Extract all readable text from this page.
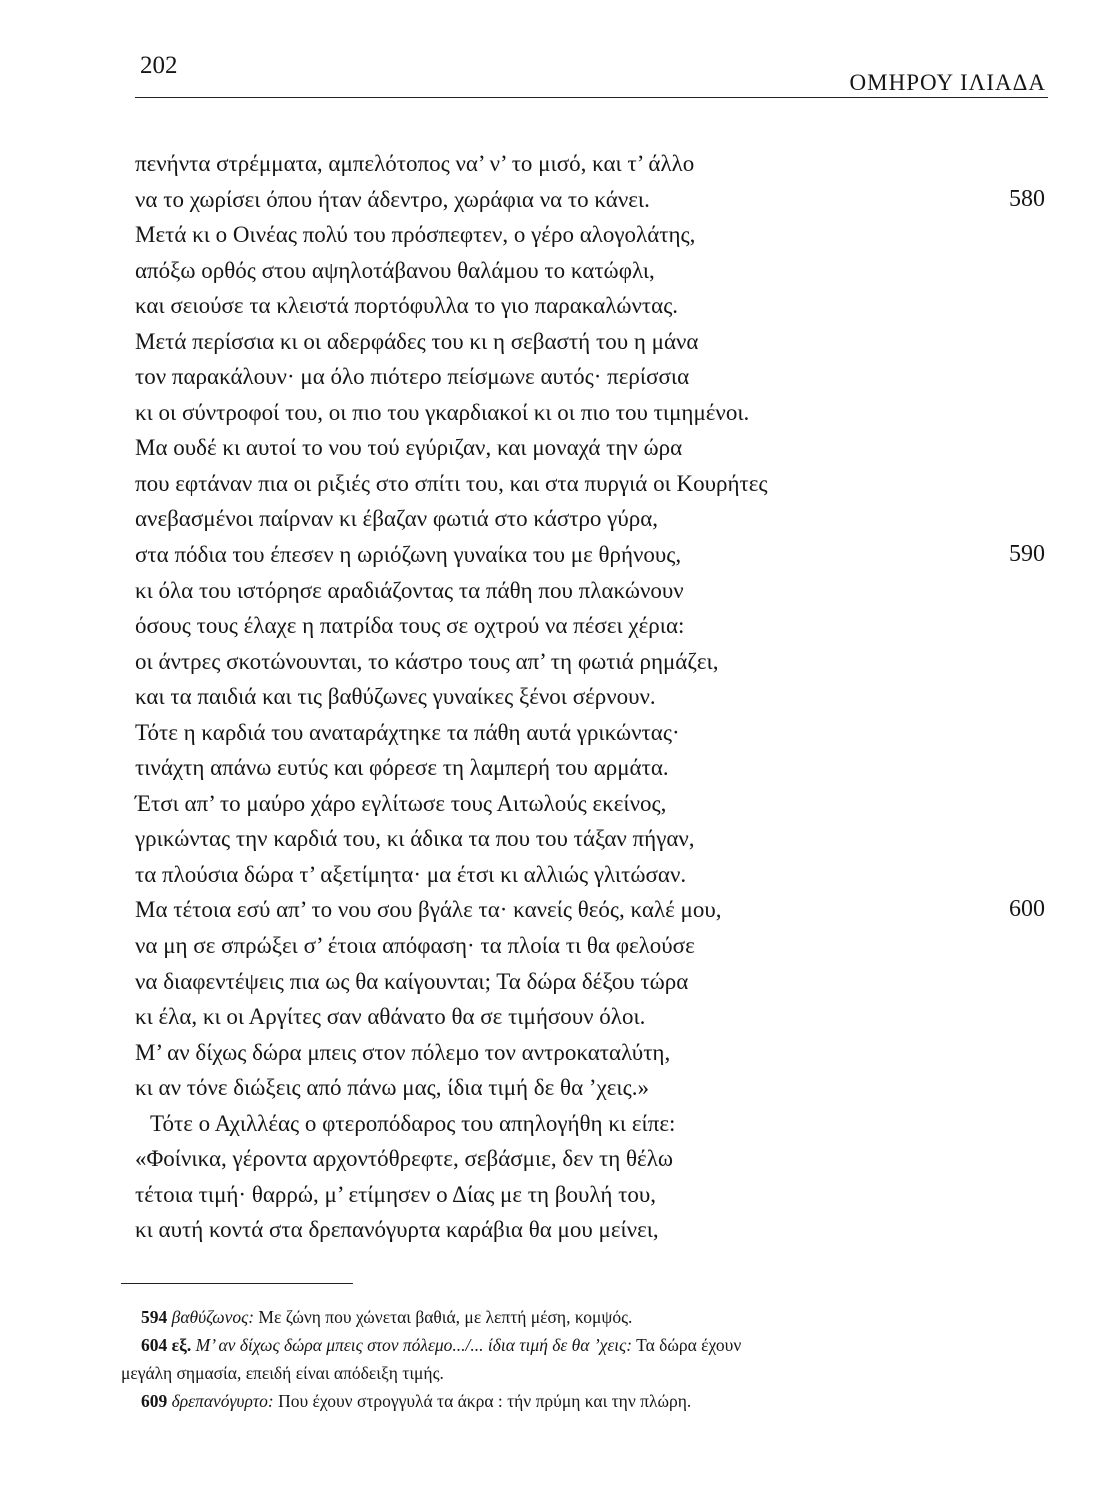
202
ΟΜΗΡΟΥ ΙΛΙΑΔΑ
πενήντα στρέμματα, αμπελότοπος να’ ν’ το μισό, και τ’ άλλο
να το χωρίσει όπου ήταν άδεντρο, χωράφια να το κάνει.	580
Μετά κι ο Οινέας πολύ του πρόσπεφτεν, ο γέρο αλογολάτης,
απόξω ορθός στου αψηλοτάβανου θαλάμου το κατώφλι,
και σειούσε τα κλειστά πορτόφυλλα το γιο παρακαλώντας.
Μετά περίσσια κι οι αδερφάδες του κι η σεβαστή του η μάνα
τον παρακάλουν· μα όλο πιότερο πείσμωνε αυτός· περίσσια
κι οι σύντροφοί του, οι πιο του γκαρδιακοί κι οι πιο του τιμημένοι.
Μα ουδέ κι αυτοί το νου τού εγύριζαν, και μοναχά την ώρα
που εφτάναν πια οι ριξιές στο σπίτι του, και στα πυργιά οι Κουρήτες
ανεβασμένοι παίρναν κι έβαζαν φωτιά στο κάστρο γύρα,
στα πόδια του έπεσεν η ωριόζωνη γυναίκα του με θρήνους,	590
κι όλα του ιστόρησε αραδιάζοντας τα πάθη που πλακώνουν
όσους τους έλαχε η πατρίδα τους σε οχτρού να πέσει χέρια:
οι άντρες σκοτώνουνται, το κάστρο τους απ’ τη φωτιά ρημάζει,
και τα παιδιά και τις βαθύζωνες γυναίκες ξένοι σέρνουν.
Τότε η καρδιά του αναταράχτηκε τα πάθη αυτά γρικώντας·
τινάχτη απάνω ευτύς και φόρεσε τη λαμπερή του αρμάτα.
Έτσι απ’ το μαύρο χάρο εγλίτωσε τους Αιτωλούς εκείνος,
γρικώντας την καρδιά του, κι άδικα τα που του τάξαν πήγαν,
τα πλούσια δώρα τ’ αξετίμητα· μα έτσι κι αλλιώς γλιτώσαν.
Μα τέτοια εσύ απ’ το νου σου βγάλε τα· κανείς θεός, καλέ μου,	600
να μη σε σπρώξει σ’ έτοια απόφαση· τα πλοία τι θα φελούσε
να διαφεντέψεις πια ως θα καίγουνται; Τα δώρα δέξου τώρα
κι έλα, κι οι Αργίτες σαν αθάνατο θα σε τιμήσουν όλοι.
Μ’ αν δίχως δώρα μπεις στον πόλεμο τον αντροκαταλύτη,
κι αν τόνε διώξεις από πάνω μας, ίδια τιμή δε θα ’χεις.»
Τότε ο Αχιλλέας ο φτεροπόδαρος του απηλογήθη κι είπε:
«Φοίνικα, γέροντα αρχοντόθρεφτε, σεβάσμιε, δεν τη θέλω
τέτοια τιμή· θαρρώ, μ’ ετίμησεν ο Δίας με τη βουλή του,
κι αυτή κοντά στα δρεπανόγυρτα καράβια θα μου μείνει,
594 βαθύζωνος: Με ζώνη που χώνεται βαθιά, με λεπτή μέση, κομψός.
604 εξ. Μ’ αν δίχως δώρα μπεις στον πόλεμο.../... ίδια τιμή δε θα ’χεις: Τα δώρα έχουν
μεγάλη σημασία, επειδή είναι απόδειξη τιμής.
609 δρεπανόγυρτο: Που έχουν στρογγυλά τα άκρα : τήν πρύμη και την πλώρη.
